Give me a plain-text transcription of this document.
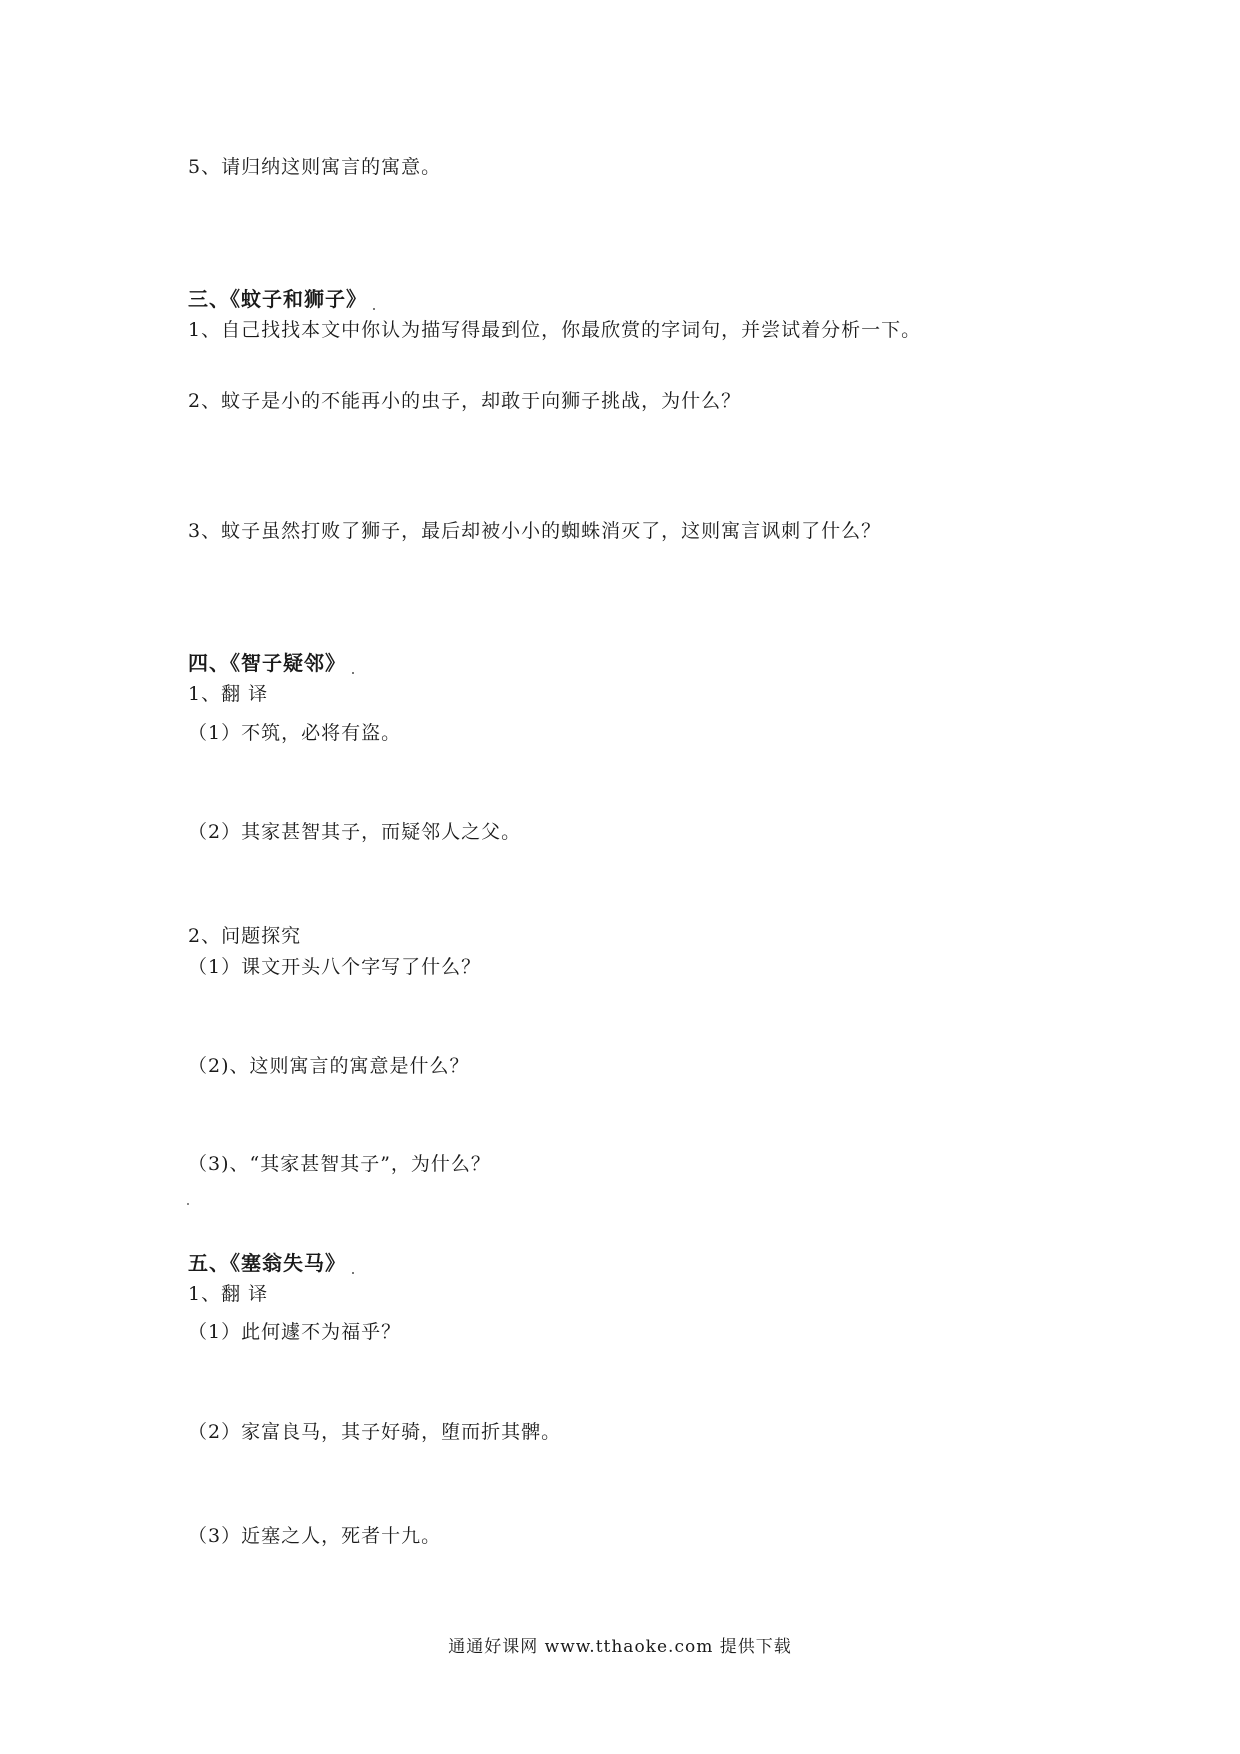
5、请归纳这则寓言的寓意。
三、《蚊子和狮子》
1、自己找找本文中你认为描写得最到位，你最欣赏的字词句，并尝试着分析一下。
2、蚊子是小的不能再小的虫子，却敢于向狮子挑战，为什么？
3、蚊子虽然打败了狮子，最后却被小小的蜘蛛消灭了，这则寓言讽刺了什么？
四、《智子疑邻》
1、翻 译
（1）不筑，必将有盗。
（2）其家甚智其子，而疑邻人之父。
2、问题探究
（1）课文开头八个字写了什么？
（2)、这则寓言的寓意是什么？
（3)、“其家甚智其子”，为什么？
五、《塞翁失马》
1、翻 译
（1）此何遽不为福乎？
（2）家富良马，其子好骑，堕而折其髀。
（3）近塞之人，死者十九。
通通好课网 www.tthaoke.com 提供下载
